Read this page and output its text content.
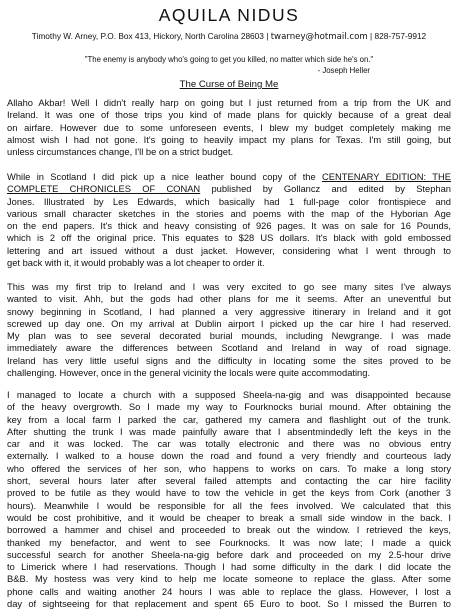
AQUILA NIDUS
Timothy W. Arney, P.O. Box 413, Hickory, North Carolina 28603 | twarney@hotmail.com | 828-757-9912
"The enemy is anybody who's going to get you killed, no matter which side he's on."
- Joseph Heller
The Curse of Being Me
Allaho Akbar! Well I didn't really harp on going but I just returned from a trip from the UK and
Ireland. It was one of those trips you kind of made plans for quickly because of a great deal
on airfare. However due to some unforeseen events, I blew my budget completely making me
almost wish I had not gone. It's going to heavily impact my plans for Texas. I'm still going, but
unless circumstances change, I'll be on a strict budget.
While in Scotland I did pick up a nice leather bound copy of the CENTENARY EDITION: THE
COMPLETE CHRONICLES OF CONAN published by Gollancz and edited by Stephan
Jones. Illustrated by Les Edwards, which basically had 1 full-page color frontispiece and
various small character sketches in the stories and poems with the map of the Hyborian Age
on the end papers. It's thick and heavy consisting of 926 pages. It was on sale for 16 Pounds,
which is 2 off the original price. This equates to $28 US dollars. It's black with gold embossed
lettering and art issued without a dust jacket. However, considering what I went through to
get back with it, it would probably was a lot cheaper to order it.
This was my first trip to Ireland and I was very excited to go see many sites I've always
wanted to visit. Ahh, but the gods had other plans for me it seems. After an uneventful but
snowy beginning in Scotland, I had planned a very aggressive itinerary in Ireland and it got
screwed up day one. On my arrival at Dublin airport I picked up the car hire I had reserved.
My plan was to see several decorated burial mounds, including Newgrange. I was made
immediately aware the differences between Scotland and Ireland in way of road signage.
Ireland has very little useful signs and the difficulty in locating some the sites proved to be
challenging. However, once in the general vicinity the locals were quite accommodating.
I managed to locate a church with a supposed Sheela-na-gig and was disappointed because
of the heavy overgrowth. So I made my way to Fourknocks burial mound. After obtaining the
key from a local farm I parked the car, gathered my camera and flashlight out of the trunk.
After shutting the trunk I was made painfully aware that I absentmindedly left the keys in the
car and it was locked. The car was totally electronic and there was no obvious entry
externally. I walked to a house down the road and found a very friendly and courteous lady
who offered the services of her son, who happens to works on cars. To make a long story
short, several hours later after several failed attempts and contacting the car hire facility
proved to be futile as they would have to tow the vehicle in get the keys from Cork (another 3
hours). Meanwhile I would be responsible for all the fees involved. We calculated that this
would be cost prohibitive, and it would be cheaper to break a small side window in the back. I
borrowed a hammer and chisel and proceeded to break out the window. I retrieved the keys,
thanked my benefactor, and went to see Fourknocks. It was now late; I made a quick
successful search for another Sheela-na-gig before dark and proceeded on my 2.5-hour drive
to Limerick where I had reservations. Though I had some difficulty in the dark I did locate the
B&B. My hostess was very kind to help me locate someone to replace the glass. After some
phone calls and waiting another 24 hours I was able to replace the glass. However, I lost a
day of sightseeing for that replacement and spent 65 Euro to boot. So I missed the Burren to
